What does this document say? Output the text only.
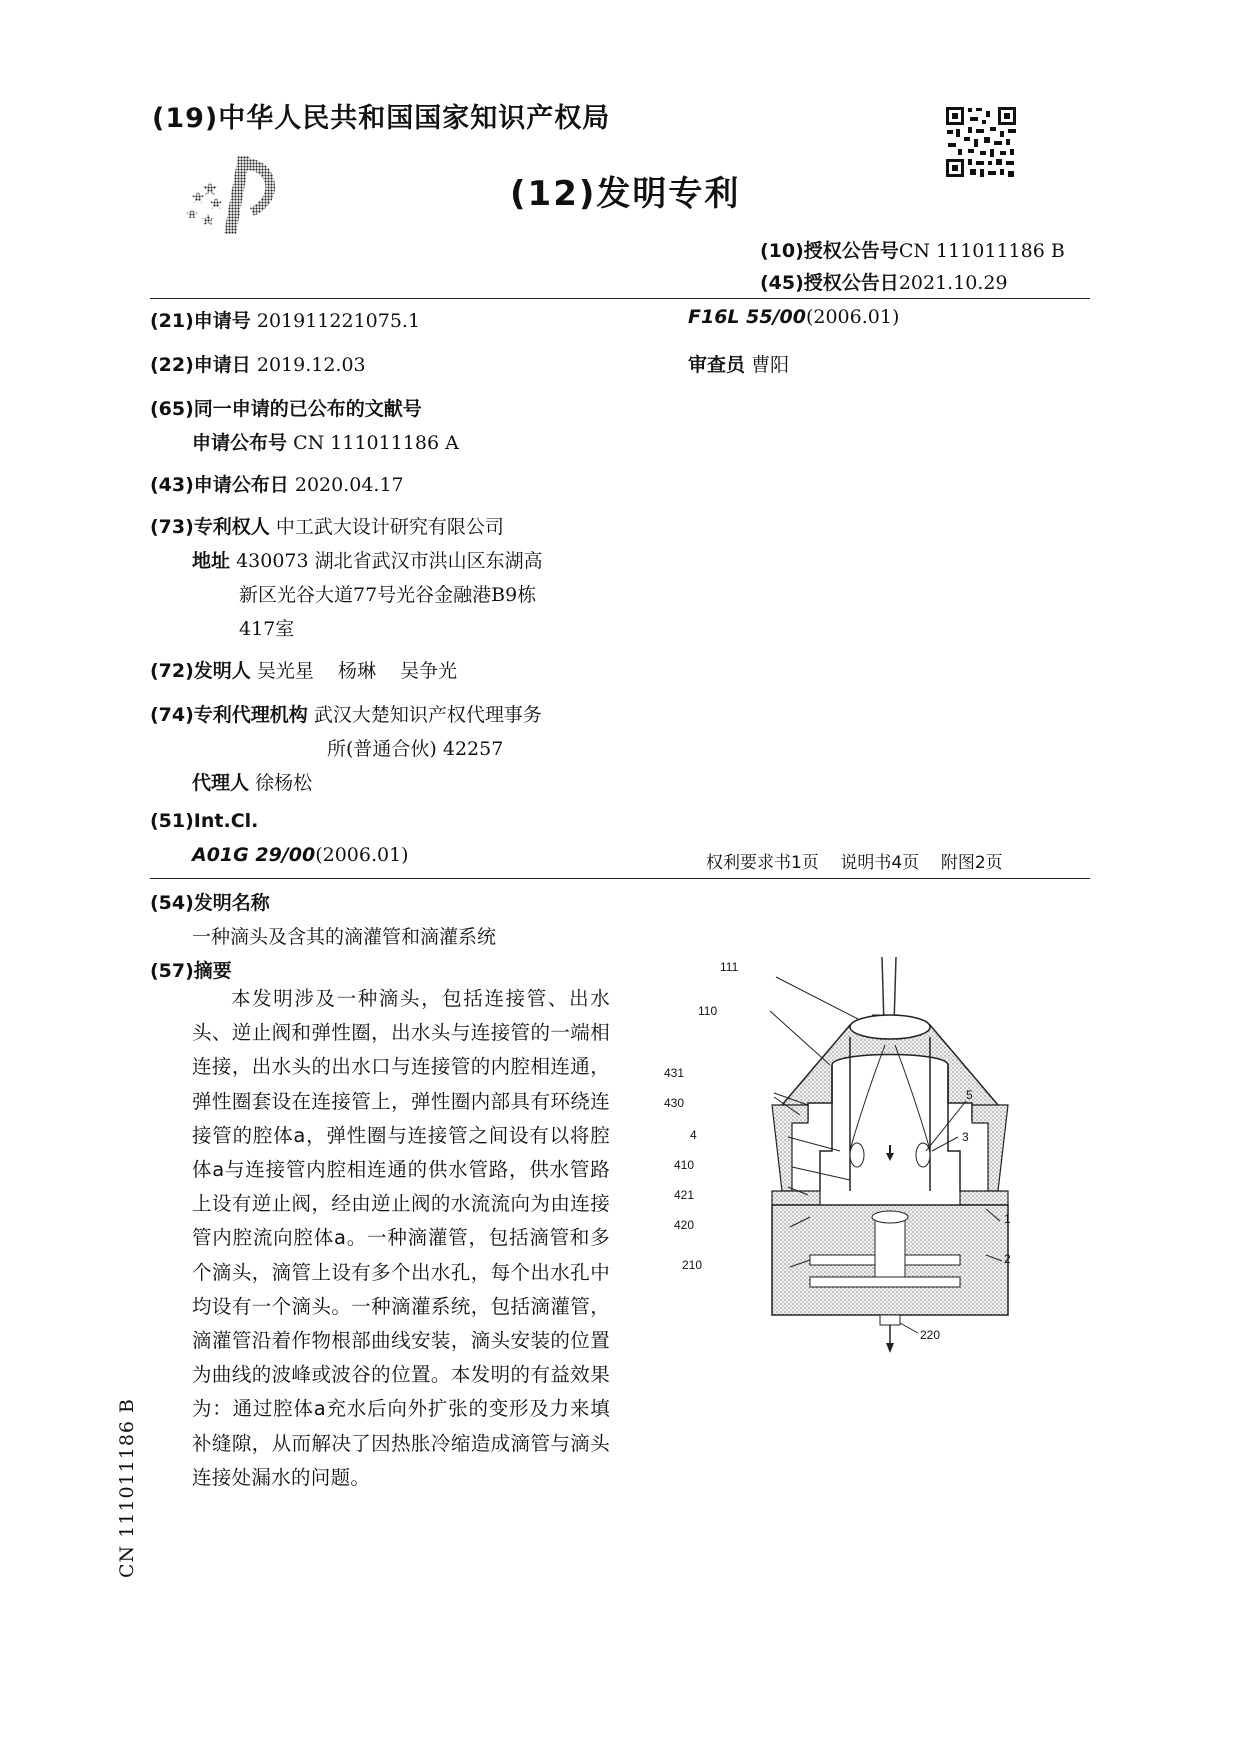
(19)中华人民共和国国家知识产权局
(12)发明专利
(10)授权公告号CN 111011186 B
(45)授权公告日2021.10.29
(21)申请号 201911221075.1
(22)申请日 2019.12.03
(65)同一申请的已公布的文献号
申请公布号 CN 111011186 A
(43)申请公布日 2020.04.17
(73)专利权人 中工武大设计研究有限公司
地址 430073 湖北省武汉市洪山区东湖高
新区光谷大道77号光谷金融港B9栋
417室
(72)发明人 吴光星    杨琳    吴争光
(74)专利代理机构 武汉大楚知识产权代理事务
所(普通合伙) 42257
代理人 徐杨松
(51)Int.Cl.
A01G 29/00(2006.01)
F16L 55/00(2006.01)
审查员 曹阳
权利要求书1页    说明书4页    附图2页
(54)发明名称
一种滴头及含其的滴灌管和滴灌系统
(57)摘要

本发明涉及一种滴头，包括连接管、出水头、逆止阀和弹性圈，出水头与连接管的一端相连接，出水头的出水口与连接管的内腔相连通，弹性圈套设在连接管上，弹性圈内部具有环绕连接管的腔体a，弹性圈与连接管之间设有以将腔体a与连接管内腔相连通的供水管路，供水管路上设有逆止阀，经由逆止阀的水流流向为由连接管内腔流向腔体a。一种滴灌管，包括滴管和多个滴头，滴管上设有多个出水孔，每个出水孔中均设有一个滴头。一种滴灌系统，包括滴灌管，滴灌管沿着作物根部曲线安装，滴头安装的位置为曲线的波峰或波谷的位置。本发明的有益效果为：通过腔体a充水后向外扩张的变形及力来填补缝隙，从而解决了因热胀冷缩造成滴管与滴头连接处漏水的问题。

CN 111011186 B
111
110
431
430
5
4	3
410
421
420	1
210	2
220
